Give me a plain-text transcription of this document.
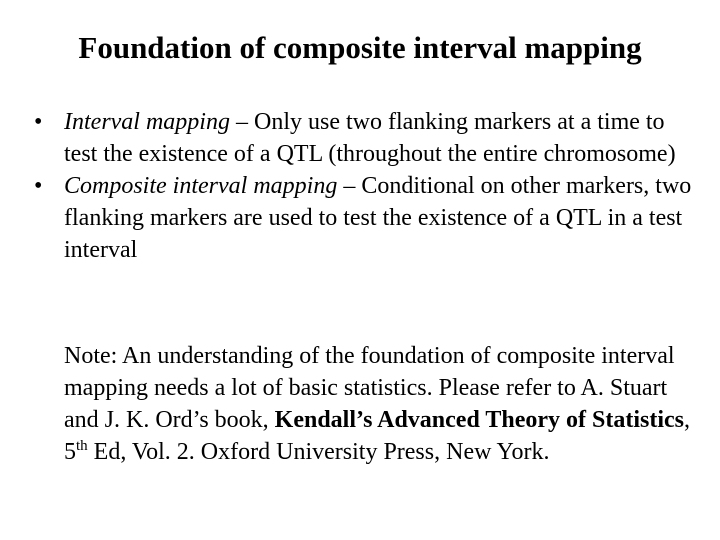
Foundation of composite interval mapping
• Interval mapping – Only use two flanking markers at a time to test the existence of a QTL (throughout the entire chromosome)
• Composite interval mapping – Conditional on other markers, two flanking markers are used to test the existence of a QTL in a test interval

Note: An understanding of the foundation of composite interval mapping needs a lot of basic statistics. Please refer to A. Stuart and J. K. Ord’s book, Kendall’s Advanced Theory of Statistics, 5th Ed, Vol. 2. Oxford University Press, New York.
